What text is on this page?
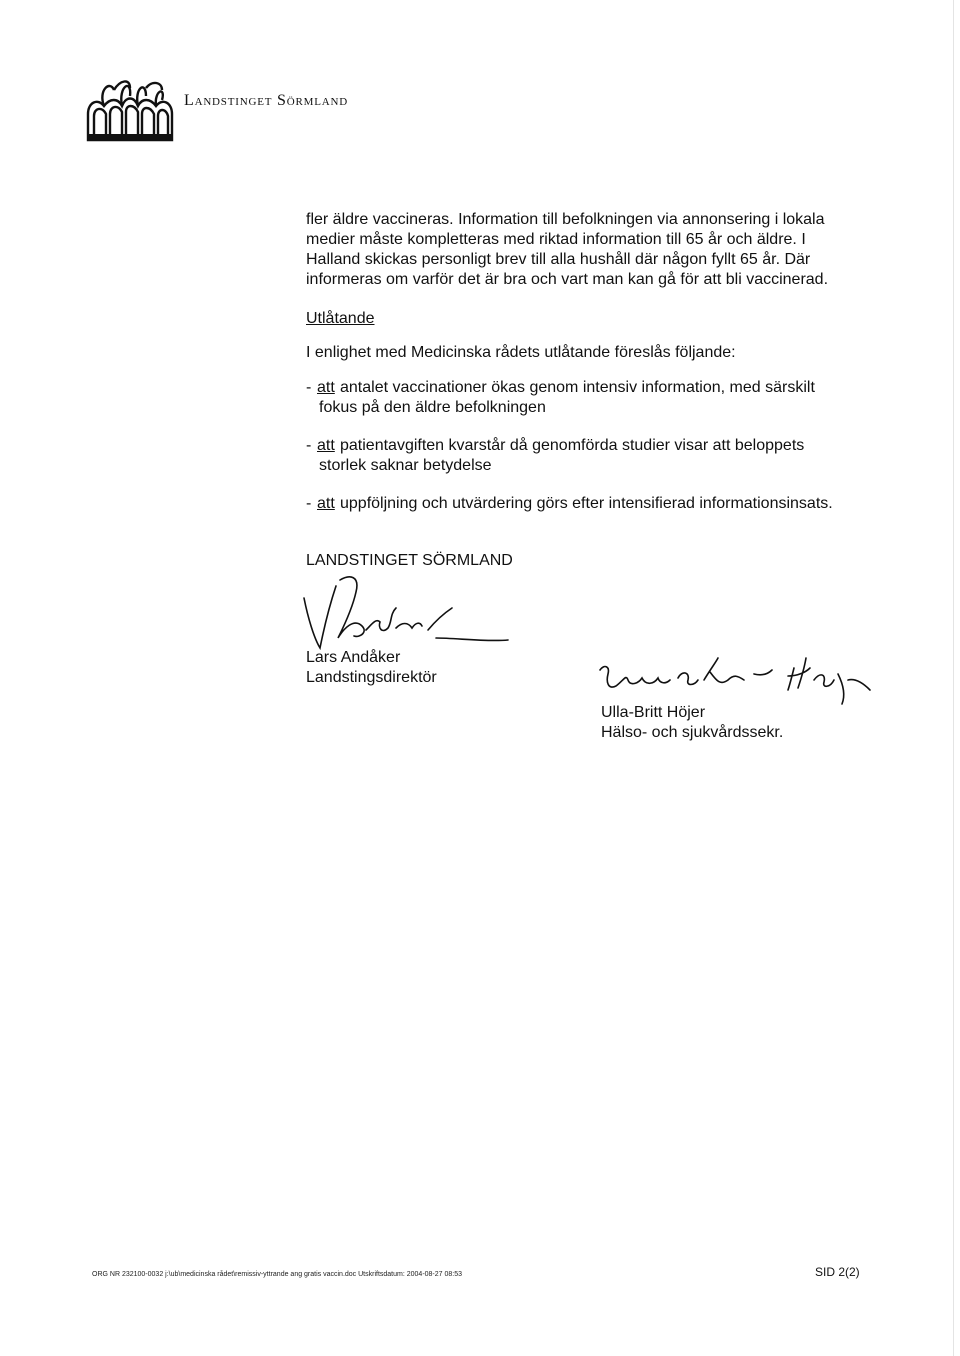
Landstinget Sörmland
fler äldre vaccineras. Information till befolkningen via annonsering i lokala
medier måste kompletteras med riktad information till 65 år och äldre. I
Halland skickas personligt brev till alla hushåll där någon fyllt 65 år. Där
informeras om varför det är bra och vart man kan gå för att bli vaccinerad.
Utlåtande
I enlighet med Medicinska rådets utlåtande föreslås följande:
- att antalet vaccinationer ökas genom intensiv information, med särskilt
fokus på den äldre befolkningen
- att patientavgiften kvarstår då genomförda studier visar att beloppets
storlek saknar betydelse
- att uppföljning och utvärdering görs efter intensifierad informationsinsats.
LANDSTINGET SÖRMLAND
Lars Andåker
Landstingsdirektör
Ulla-Britt Höjer
Hälso- och sjukvårdssekr.
ORG NR 232100-0032 j:\ub\medicinska rådet\remissiv-yttrande ang gratis vaccin.doc Utskriftsdatum: 2004-08-27 08:53	SID 2(2)
